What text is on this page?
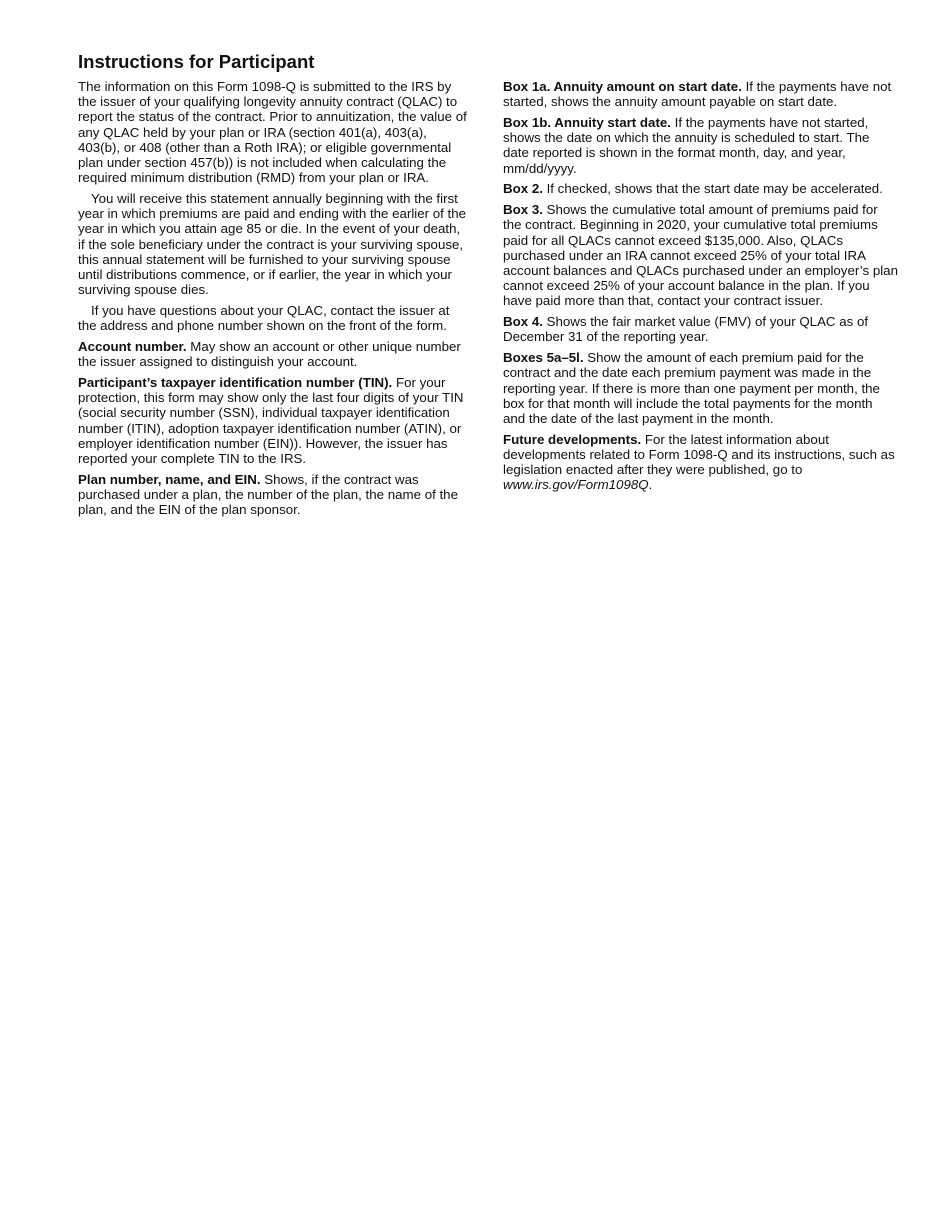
Instructions for Participant

The information on this Form 1098-Q is submitted to the IRS by the issuer of your qualifying longevity annuity contract (QLAC) to report the status of the contract. Prior to annuitization, the value of any QLAC held by your plan or IRA (section 401(a), 403(a), 403(b), or 408 (other than a Roth IRA); or eligible governmental plan under section 457(b)) is not included when calculating the required minimum distribution (RMD) from your plan or IRA.

You will receive this statement annually beginning with the first year in which premiums are paid and ending with the earlier of the year in which you attain age 85 or die. In the event of your death, if the sole beneficiary under the contract is your surviving spouse, this annual statement will be furnished to your surviving spouse until distributions commence, or if earlier, the year in which your surviving spouse dies.

If you have questions about your QLAC, contact the issuer at the address and phone number shown on the front of the form.

Account number. May show an account or other unique number the issuer assigned to distinguish your account.

Participant’s taxpayer identification number (TIN). For your protection, this form may show only the last four digits of your TIN (social security number (SSN), individual taxpayer identification number (ITIN), adoption taxpayer identification number (ATIN), or employer identification number (EIN)). However, the issuer has reported your complete TIN to the IRS.

Plan number, name, and EIN. Shows, if the contract was purchased under a plan, the number of the plan, the name of the plan, and the EIN of the plan sponsor.

Box 1a. Annuity amount on start date. If the payments have not started, shows the annuity amount payable on start date.

Box 1b. Annuity start date. If the payments have not started, shows the date on which the annuity is scheduled to start. The date reported is shown in the format month, day, and year, mm/dd/yyyy.

Box 2. If checked, shows that the start date may be accelerated.

Box 3. Shows the cumulative total amount of premiums paid for the contract. Beginning in 2020, your cumulative total premiums paid for all QLACs cannot exceed $135,000. Also, QLACs purchased under an IRA cannot exceed 25% of your total IRA account balances and QLACs purchased under an employer’s plan cannot exceed 25% of your account balance in the plan. If you have paid more than that, contact your contract issuer.

Box 4. Shows the fair market value (FMV) of your QLAC as of December 31 of the reporting year.

Boxes 5a–5l. Show the amount of each premium paid for the contract and the date each premium payment was made in the reporting year. If there is more than one payment per month, the box for that month will include the total payments for the month and the date of the last payment in the month.

Future developments. For the latest information about developments related to Form 1098-Q and its instructions, such as legislation enacted after they were published, go to www.irs.gov/Form1098Q.
